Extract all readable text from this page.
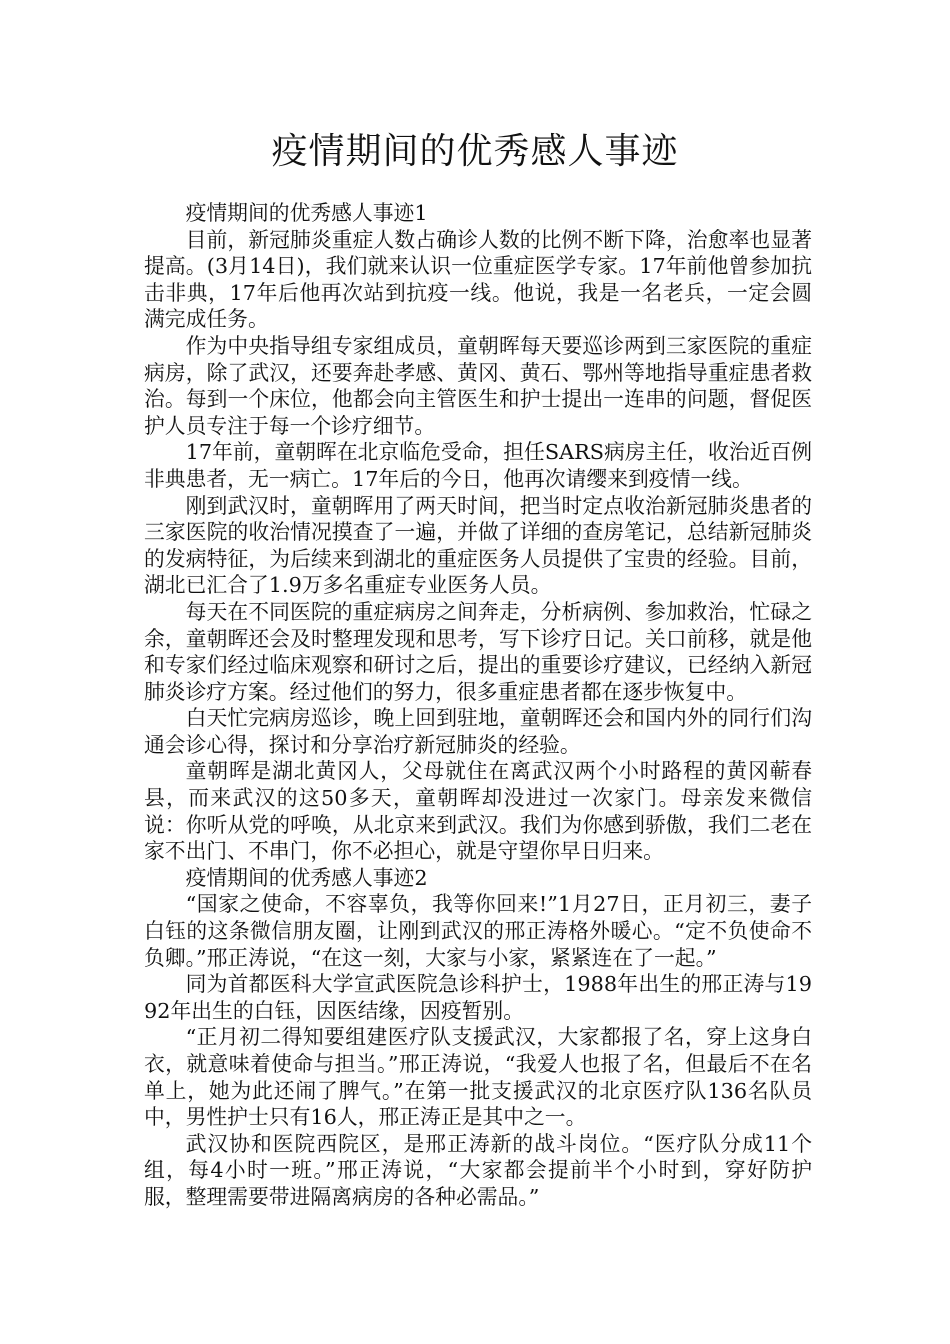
疫情期间的优秀感人事迹

疫情期间的优秀感人事迹1

目前，新冠肺炎重症人数占确诊人数的比例不断下降，治愈率也显著提高。(3月14日)，我们就来认识一位重症医学专家。17年前他曾参加抗击非典，17年后他再次站到抗疫一线。他说，我是一名老兵，一定会圆满完成任务。

作为中央指导组专家组成员，童朝晖每天要巡诊两到三家医院的重症病房，除了武汉，还要奔赴孝感、黄冈、黄石、鄂州等地指导重症患者救治。每到一个床位，他都会向主管医生和护士提出一连串的问题，督促医护人员专注于每一个诊疗细节。

17年前，童朝晖在北京临危受命，担任SARS病房主任，收治近百例非典患者，无一病亡。17年后的今日，他再次请缨来到疫情一线。

刚到武汉时，童朝晖用了两天时间，把当时定点收治新冠肺炎患者的三家医院的收治情况摸查了一遍，并做了详细的查房笔记，总结新冠肺炎的发病特征，为后续来到湖北的重症医务人员提供了宝贵的经验。目前，湖北已汇合了1.9万多名重症专业医务人员。

每天在不同医院的重症病房之间奔走，分析病例、参加救治，忙碌之余，童朝晖还会及时整理发现和思考，写下诊疗日记。关口前移，就是他和专家们经过临床观察和研讨之后，提出的重要诊疗建议，已经纳入新冠肺炎诊疗方案。经过他们的努力，很多重症患者都在逐步恢复中。

白天忙完病房巡诊，晚上回到驻地，童朝晖还会和国内外的同行们沟通会诊心得，探讨和分享治疗新冠肺炎的经验。

童朝晖是湖北黄冈人，父母就住在离武汉两个小时路程的黄冈蕲春县，而来武汉的这50多天，童朝晖却没进过一次家门。母亲发来微信说：你听从党的呼唤，从北京来到武汉。我们为你感到骄傲，我们二老在家不出门、不串门，你不必担心，就是守望你早日归来。

疫情期间的优秀感人事迹2

“国家之使命，不容辜负，我等你回来!”1月27日，正月初三，妻子白钰的这条微信朋友圈，让刚到武汉的邢正涛格外暖心。“定不负使命不负卿。”邢正涛说，“在这一刻，大家与小家，紧紧连在了一起。”

同为首都医科大学宣武医院急诊科护士，1988年出生的邢正涛与1992年出生的白钰，因医结缘，因疫暂别。

“正月初二得知要组建医疗队支援武汉，大家都报了名，穿上这身白衣，就意味着使命与担当。”邢正涛说，“我爱人也报了名，但最后不在名单上，她为此还闹了脾气。”在第一批支援武汉的北京医疗队136名队员中，男性护士只有16人，邢正涛正是其中之一。

武汉协和医院西院区，是邢正涛新的战斗岗位。“医疗队分成11个组，每4小时一班。”邢正涛说，“大家都会提前半个小时到，穿好防护服，整理需要带进隔离病房的各种必需品。”
